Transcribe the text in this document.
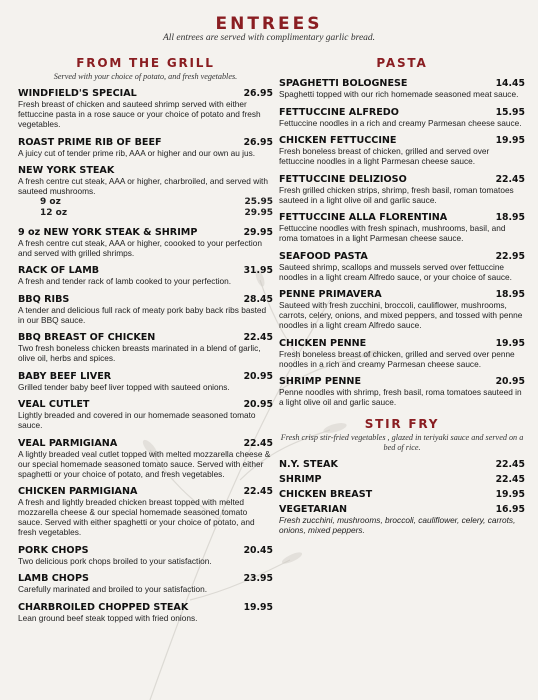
ENTREES
All entrees are served with complimentary garlic bread.
FROM THE GRILL
Served with your choice of potato, and fresh vegetables.
WINDFIELD'S SPECIAL	26.95
Fresh breast of chicken and sauteed shrimp served with either fettuccine pasta in a rose sauce or your choice of potato and fresh vegetables.
ROAST PRIME RIB OF BEEF	26.95
A juicy cut of tender prime rib, AAA or higher and our own au jus.
NEW YORK STEAK
A fresh centre cut steak, AAA or higher, charbroiled, and served with sauteed mushrooms.
9 oz	25.95
12 oz	29.95
9 oz NEW YORK STEAK & SHRIMP	29.95
A fresh centre cut steak, AAA or higher, coooked to your perfection and served with grilled shrimps.
RACK OF LAMB	31.95
A fresh and tender rack of lamb cooked to your perfection.
BBQ RIBS	28.45
A tender and delicious full rack of meaty pork baby back ribs basted in our BBQ sauce.
BBQ BREAST OF CHICKEN	22.45
Two fresh boneless chicken breasts marinated in a blend of garlic, olive oil, herbs and spices.
BABY BEEF LIVER	20.95
Grilled tender baby beef liver topped with sauteed onions.
VEAL CUTLET	20.95
Lightly breaded and covered in our homemade seasoned tomato sauce.
VEAL PARMIGIANA	22.45
A lightly breaded veal cutlet topped with melted mozzarella cheese & our special homemade seasoned tomato sauce. Served with either spaghetti or your choice of potato, and fresh vegetables.
CHICKEN PARMIGIANA	22.45
A fresh and lightly breaded chicken breast topped with melted mozzarella cheese & our special homemade seasoned tomato sauce. Served with either spaghetti or your choice of potato, and fresh vegetables.
PORK CHOPS	20.45
Two delicious pork chops broiled to your satisfaction.
LAMB CHOPS	23.95
Carefully marinated and broiled to your satisfaction.
CHARBROILED CHOPPED STEAK	19.95
Lean ground beef steak topped with fried onions.
PASTA
SPAGHETTI BOLOGNESE	14.45
Spaghetti topped with our rich homemade seasoned meat sauce.
FETTUCCINE ALFREDO	15.95
Fettuccine noodles in a rich and creamy Parmesan cheese sauce.
CHICKEN FETTUCCINE	19.95
Fresh boneless breast of chicken, grilled and served over fettuccine noodles in a light Parmesan cheese sauce.
FETTUCCINE DELIZIOSO	22.45
Fresh grilled chicken strips, shrimp, fresh basil, roman tomatoes sauteed in a light olive oil and garlic sauce.
FETTUCCINE ALLA FLORENTINA	18.95
Fettuccine noodles with fresh spinach, mushrooms, basil, and roma tomatoes in a light Parmesan cheese sauce.
SEAFOOD PASTA	22.95
Sauteed shrimp, scallops and mussels served over fettuccine noodles in a light cream Alfredo sauce, or your choice of sauce.
PENNE PRIMAVERA	18.95
Sauteed with fresh zucchini, broccoli, cauliflower, mushrooms, carrots, celery, onions, and mixed peppers, and tossed with penne noodles in a light cream Alfredo sauce.
CHICKEN PENNE	19.95
Fresh boneless breast of chicken, grilled and served over penne noodles in a rich and creamy Parmesan cheese sauce.
SHRIMP PENNE	20.95
Penne noodles with shrimp, fresh basil, roma tomatoes sauteed in a light olive oil and garlic sauce.
STIR FRY
Fresh crisp stir-fried vegetables , glazed in teriyaki sauce and served on a bed of rice.
N.Y. STEAK	22.45
SHRIMP	22.45
CHICKEN BREAST	19.95
VEGETARIAN	16.95
Fresh zucchini, mushrooms, broccoli, cauliflower, celery, carrots, onions, mixed peppers.
